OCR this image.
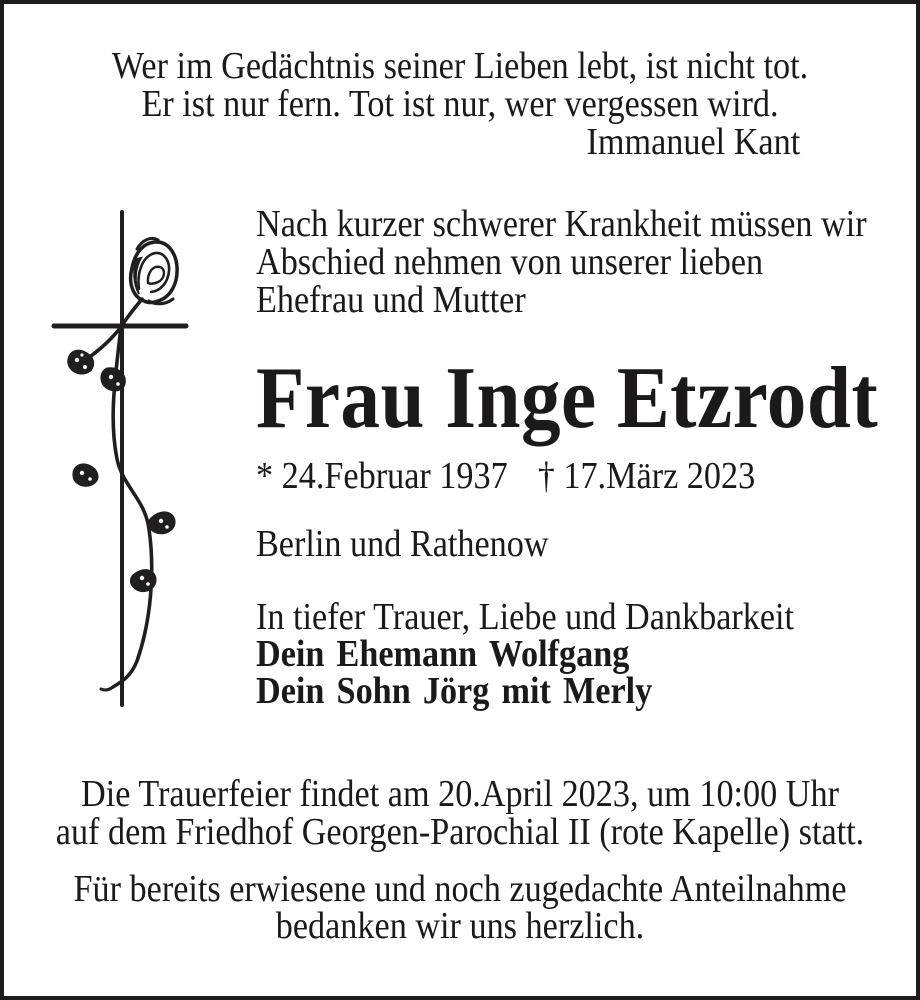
Wer im Gedächtnis seiner Lieben lebt, ist nicht tot.
Er ist nur fern. Tot ist nur, wer vergessen wird.
Immanuel Kant
Nach kurzer schwerer Krankheit müssen wir
Abschied nehmen von unserer lieben
Ehefrau und Mutter
Frau Inge Etzrodt
* 24.Februar 1937 † 17.März 2023
Berlin und Rathenow
In tiefer Trauer, Liebe und Dankbarkeit
Dein Ehemann Wolfgang
Dein Sohn Jörg mit Merly
Die Trauerfeier findet am 20.April 2023, um 10:00 Uhr
auf dem Friedhof Georgen-Parochial II (rote Kapelle) statt.
Für bereits erwiesene und noch zugedachte Anteilnahme
bedanken wir uns herzlich.
